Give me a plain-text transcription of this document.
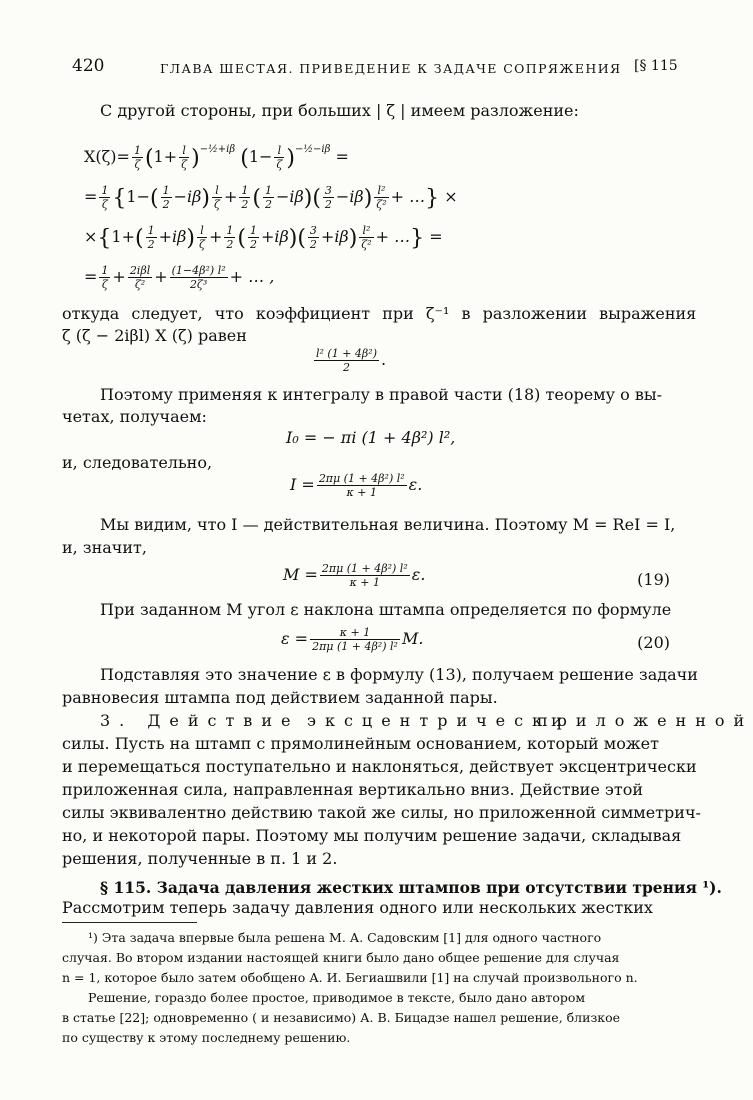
420	ГЛАВА ШЕСТАЯ. ПРИВЕДЕНИЕ К ЗАДАЧЕ СОПРЯЖЕНИЯ [§ 115
С другой стороны, при больших | ζ | имеем разложение:
$X(\zeta)= \frac{1}{\zeta} (1+ \frac{l}{\zeta} )^{-\frac{1}{2}+i\beta}$ $(1- \frac{l}{\zeta} )^{-\frac{1}{2}-i\beta}$ =
= $\frac{1}{\zeta} \{1-( \frac{1}{2} -i\beta) \frac{l}{\zeta} + \frac{1}{2}$ ( $\frac{1}{2} -i\beta)( \frac{3}{2} -i\beta) \frac{\text{l²}}{\text{ζ²}}$ + …} ×
$\times\{1+( \frac{1}{2} +i\beta) \frac{l}{\zeta} + \frac{1}{2}$ ( $\frac{1}{2} +i\beta)( \frac{3}{2} +i\beta) \frac{\text{l²}}{\text{ζ²}}$ + …} =
= $\frac{1}{\zeta} + 2i\beta l$
$\zeta^2 + \frac{\text{(1−4β²) l²}}{\text{2ζ³}}$ + … ,
откуда следует, что коэффициент при ζ⁻¹ в разложении выражения
ζ (ζ − 2iβl) X (ζ) равен
$\frac{\text{l² (1 + 4β²)}}{2}$ .
Поэтому применяя к интегралу в правой части (18) теорему о вы-
четах, получаем:
I₀ = − πi (1 + 4β²) l²,
и, следовательно,
$I = \frac{\text{2πμ (1 + 4β²) l²}}{\kappa + 1} \varepsilon$.
Мы видим, что I — действительная величина. Поэтому M = ReI = I,
и, значит,
$M = \frac{\text{2πμ (1 + 4β²) l²}}{\kappa + 1} \varepsilon$.	(19)
При заданном M угол ε наклона штампа определяется по формуле
$\varepsilon = \frac{\kappa + 1}{\text{2πμ (1 + 4β²) l²}} M$.	(20)
Подставляя это значение ε в формулу (13), получаем решение задачи
равновесия штампа под действием заданной пары.
3. Действие эксцентрически
приложенной
силы. Пусть на штамп с прямолинейным основанием, который может
и перемещаться поступательно и наклоняться, действует эксцентрически
приложенная сила, направленная вертикально вниз. Действие этой
силы эквивалентно действию такой же силы, но приложенной симметрич-
но, и некоторой пары. Поэтому мы получим решение задачи, складывая
решения, полученные в п. 1 и 2.
§ 115. Задача давления жестких штампов при отсутствии трения ¹).
Рассмотрим теперь задачу давления одного или нескольких жестких
¹) Эта задача впервые была решена М. А. Садовским [1] для одного частного
случая. Во втором издании настоящей книги было дано общее решение для случая
n = 1, которое было затем обобщено А. И. Бегиашвили [1] на случай произвольного n.
Решение, гораздо более простое, приводимое в тексте, было дано автором
в статье [22]; одновременно ( и независимо) А. В. Бицадзе нашел решение, близкое
по существу к этому последнему решению.
